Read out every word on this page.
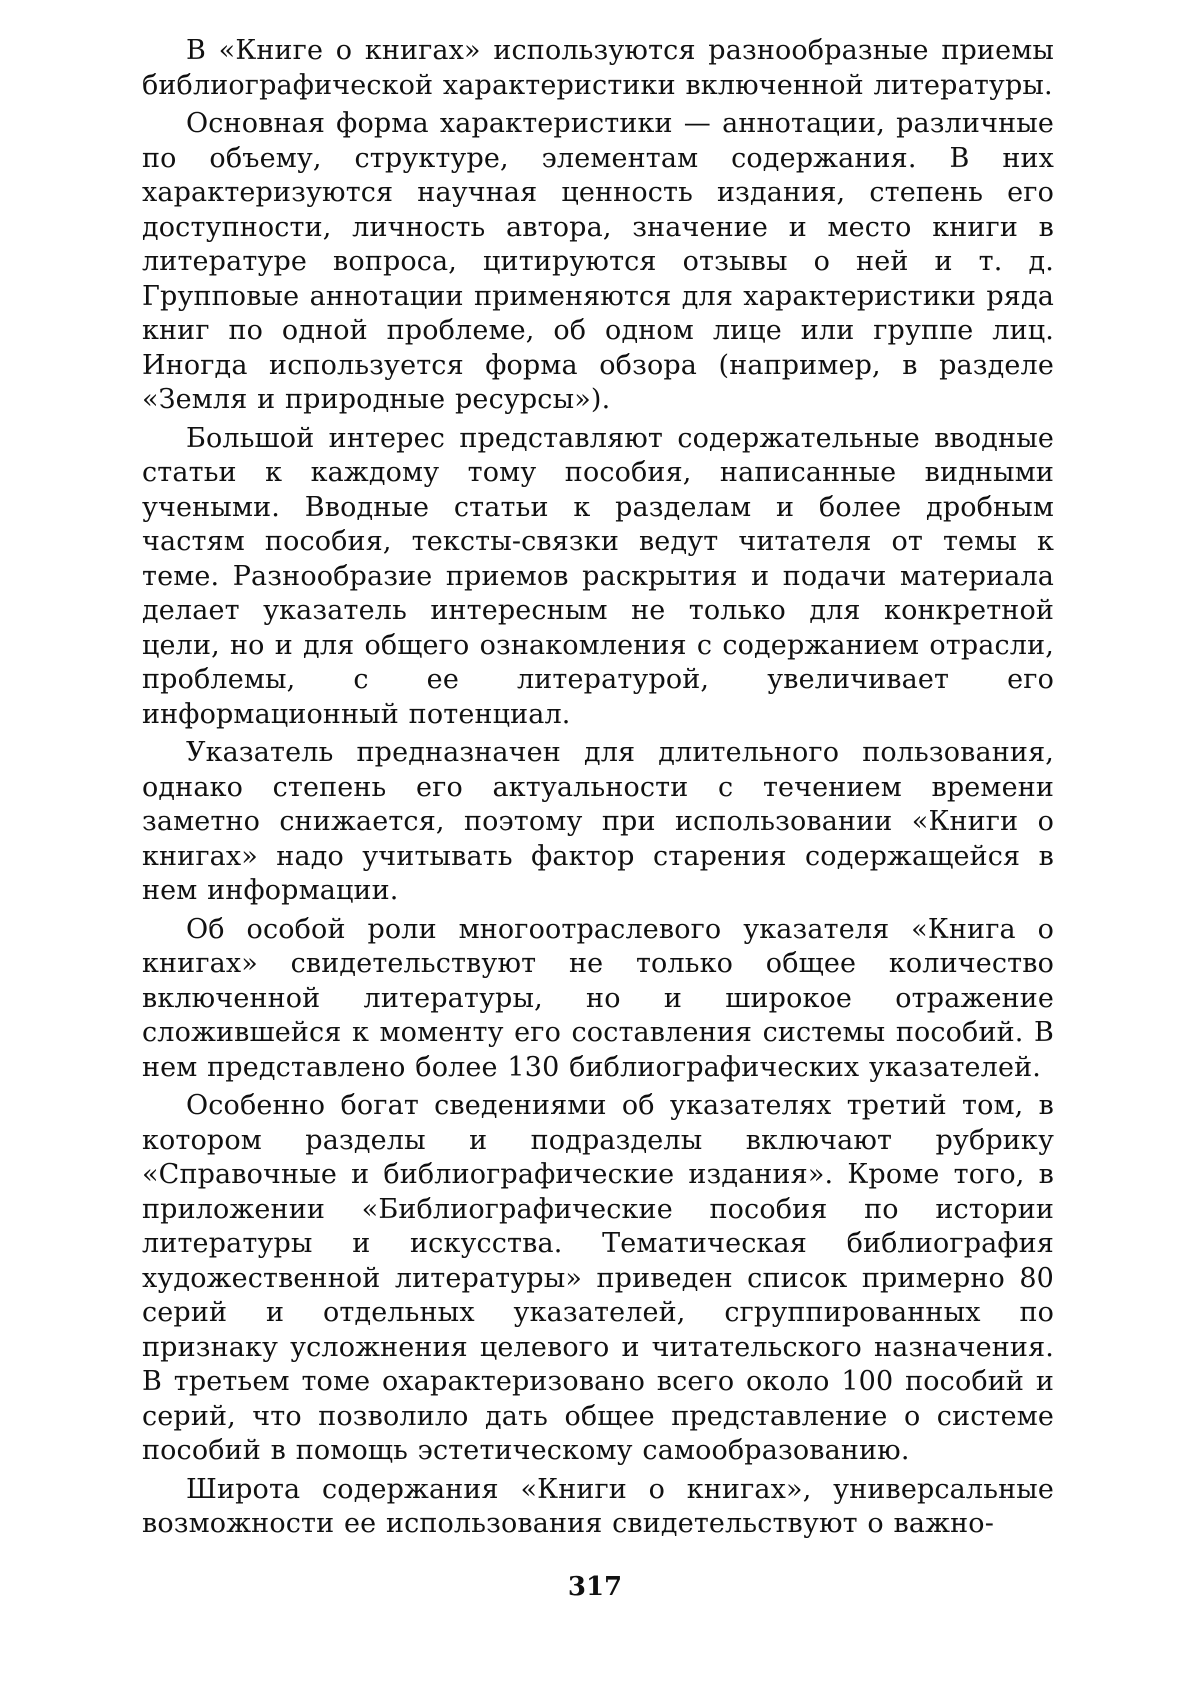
В «Книге о книгах» используются разнообразные приемы библиографической характеристики включенной литературы.

Основная форма характеристики — аннотации, различные по объему, структуре, элементам содержания. В них характеризуются научная ценность издания, степень его доступности, личность автора, значение и место книги в литературе вопроса, цитируются отзывы о ней и т. д. Групповые аннотации применяются для характеристики ряда книг по одной проблеме, об одном лице или группе лиц. Иногда используется форма обзора (например, в разделе «Земля и природные ресурсы»).

Большой интерес представляют содержательные вводные статьи к каждому тому пособия, написанные видными учеными. Вводные статьи к разделам и более дробным частям пособия, тексты-связки ведут читателя от темы к теме. Разнообразие приемов раскрытия и подачи материала делает указатель интересным не только для конкретной цели, но и для общего ознакомления с содержанием отрасли, проблемы, с ее литературой, увеличивает его информационный потенциал.

Указатель предназначен для длительного пользования, однако степень его актуальности с течением времени заметно снижается, поэтому при использовании «Книги о книгах» надо учитывать фактор старения содержащейся в нем информации.

Об особой роли многоотраслевого указателя «Книга о книгах» свидетельствуют не только общее количество включенной литературы, но и широкое отражение сложившейся к моменту его составления системы пособий. В нем представлено более 130 библиографических указателей.

Особенно богат сведениями об указателях третий том, в котором разделы и подразделы включают рубрику «Справочные и библиографические издания». Кроме того, в приложении «Библиографические пособия по истории литературы и искусства. Тематическая библиография художественной литературы» приведен список примерно 80 серий и отдельных указателей, сгруппированных по признаку усложнения целевого и читательского назначения. В третьем томе охарактеризовано всего около 100 пособий и серий, что позволило дать общее представление о системе пособий в помощь эстетическому самообразованию.

Широта содержания «Книги о книгах», универсальные возможности ее использования свидетельствуют о важно-

317
